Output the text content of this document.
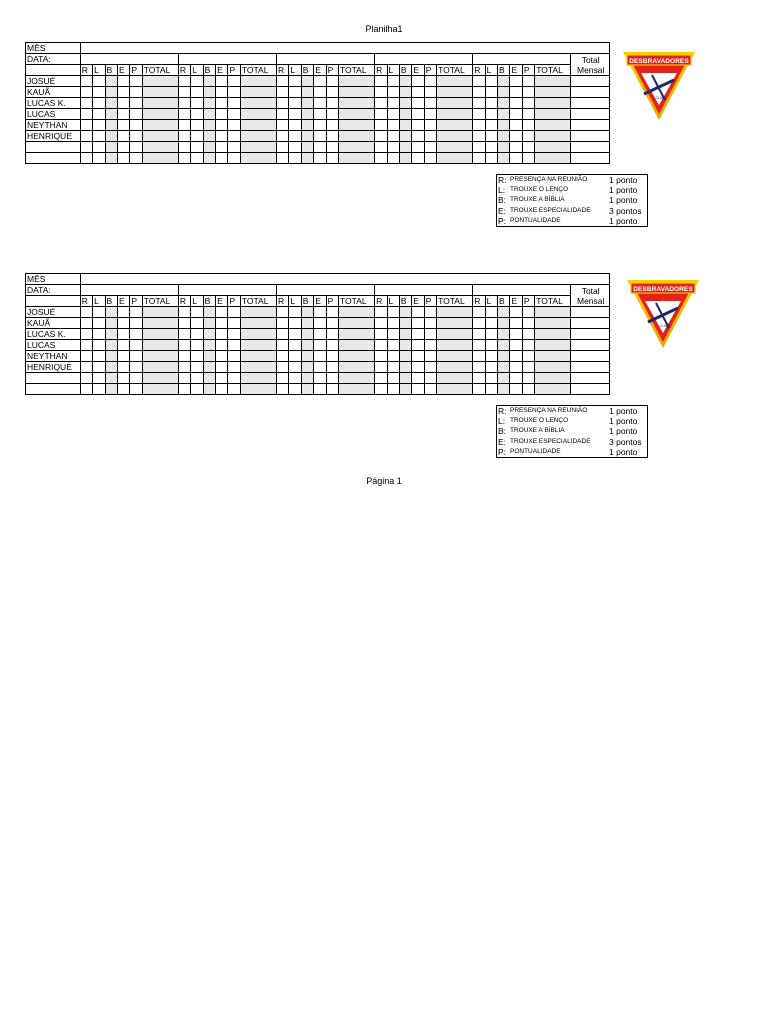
Planilha1
MÊS																															
DATA:																															Total
Mensal

	R	L	B	E	P	TOTAL	R	L	B	E	P	TOTAL	R	L	B	E	P	TOTAL	R	L	B	E	P	TOTAL	R	L	B	E	P	TOTAL	
JOSUÉ																															
KAUÃ																															
LUCAS K.																															
LUCAS																															
NEYTHAN																															
HENRIQUE																															

R:	PRESENÇA NA REUNIÃO	1 ponto
L:	TROUXE O LENÇO	1 ponto
B:	TROUXE A BÍBLIA	1 ponto
E:	TROUXE ESPECIALIDADE	3 pontos
P:	PONTUALIDADE	1 ponto
DESBRAVADORES
CLUBE
MÊS																															
DATA:																															Total
Mensal

	R	L	B	E	P	TOTAL	R	L	B	E	P	TOTAL	R	L	B	E	P	TOTAL	R	L	B	E	P	TOTAL	R	L	B	E	P	TOTAL	
JOSUÉ																															
KAUÃ																															
LUCAS K.																															
LUCAS																															
NEYTHAN																															
HENRIQUE																															

R:	PRESENÇA NA REUNIÃO	1 ponto
L:	TROUXE O LENÇO	1 ponto
B:	TROUXE A BÍBLIA	1 ponto
E:	TROUXE ESPECIALIDADE	3 pontos
P:	PONTUALIDADE	1 ponto
DESBRAVADORES
CLUBE
Página 1
